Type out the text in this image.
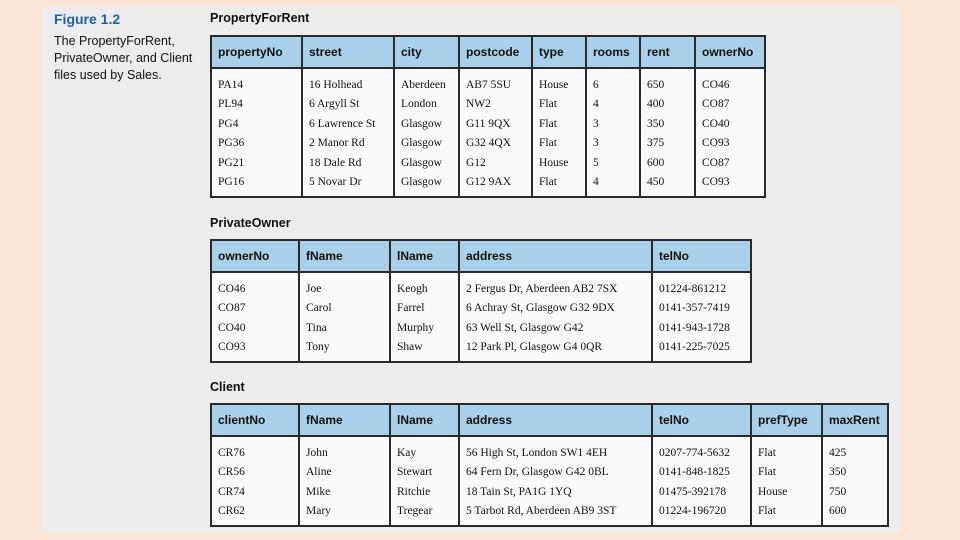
Figure 1.2
The PropertyForRent, PrivateOwner, and Client files used by Sales.
PropertyForRent
propertyNo	street	city	postcode	type	rooms	rent	ownerNo
PA14	16 Holhead	Aberdeen	AB7 5SU	House	6	650	CO46
PL94	6 Argyll St	London	NW2	Flat	4	400	CO87
PG4	6 Lawrence St	Glasgow	G11 9QX	Flat	3	350	CO40
PG36	2 Manor Rd	Glasgow	G32 4QX	Flat	3	375	CO93
PG21	18 Dale Rd	Glasgow	G12	House	5	600	CO87
PG16	5 Novar Dr	Glasgow	G12 9AX	Flat	4	450	CO93
PrivateOwner
ownerNo	fName	lName	address	telNo
CO46	Joe	Keogh	2 Fergus Dr, Aberdeen AB2 7SX	01224-861212
CO87	Carol	Farrel	6 Achray St, Glasgow G32 9DX	0141-357-7419
CO40	Tina	Murphy	63 Well St, Glasgow G42	0141-943-1728
CO93	Tony	Shaw	12 Park Pl, Glasgow G4 0QR	0141-225-7025
Client
clientNo	fName	lName	address	telNo	prefType	maxRent
CR76	John	Kay	56 High St, London SW1 4EH	0207-774-5632	Flat	425
CR56	Aline	Stewart	64 Fern Dr, Glasgow G42 0BL	0141-848-1825	Flat	350
CR74	Mike	Ritchie	18 Tain St, PA1G 1YQ	01475-392178	House	750
CR62	Mary	Tregear	5 Tarbot Rd, Aberdeen AB9 3ST	01224-196720	Flat	600
